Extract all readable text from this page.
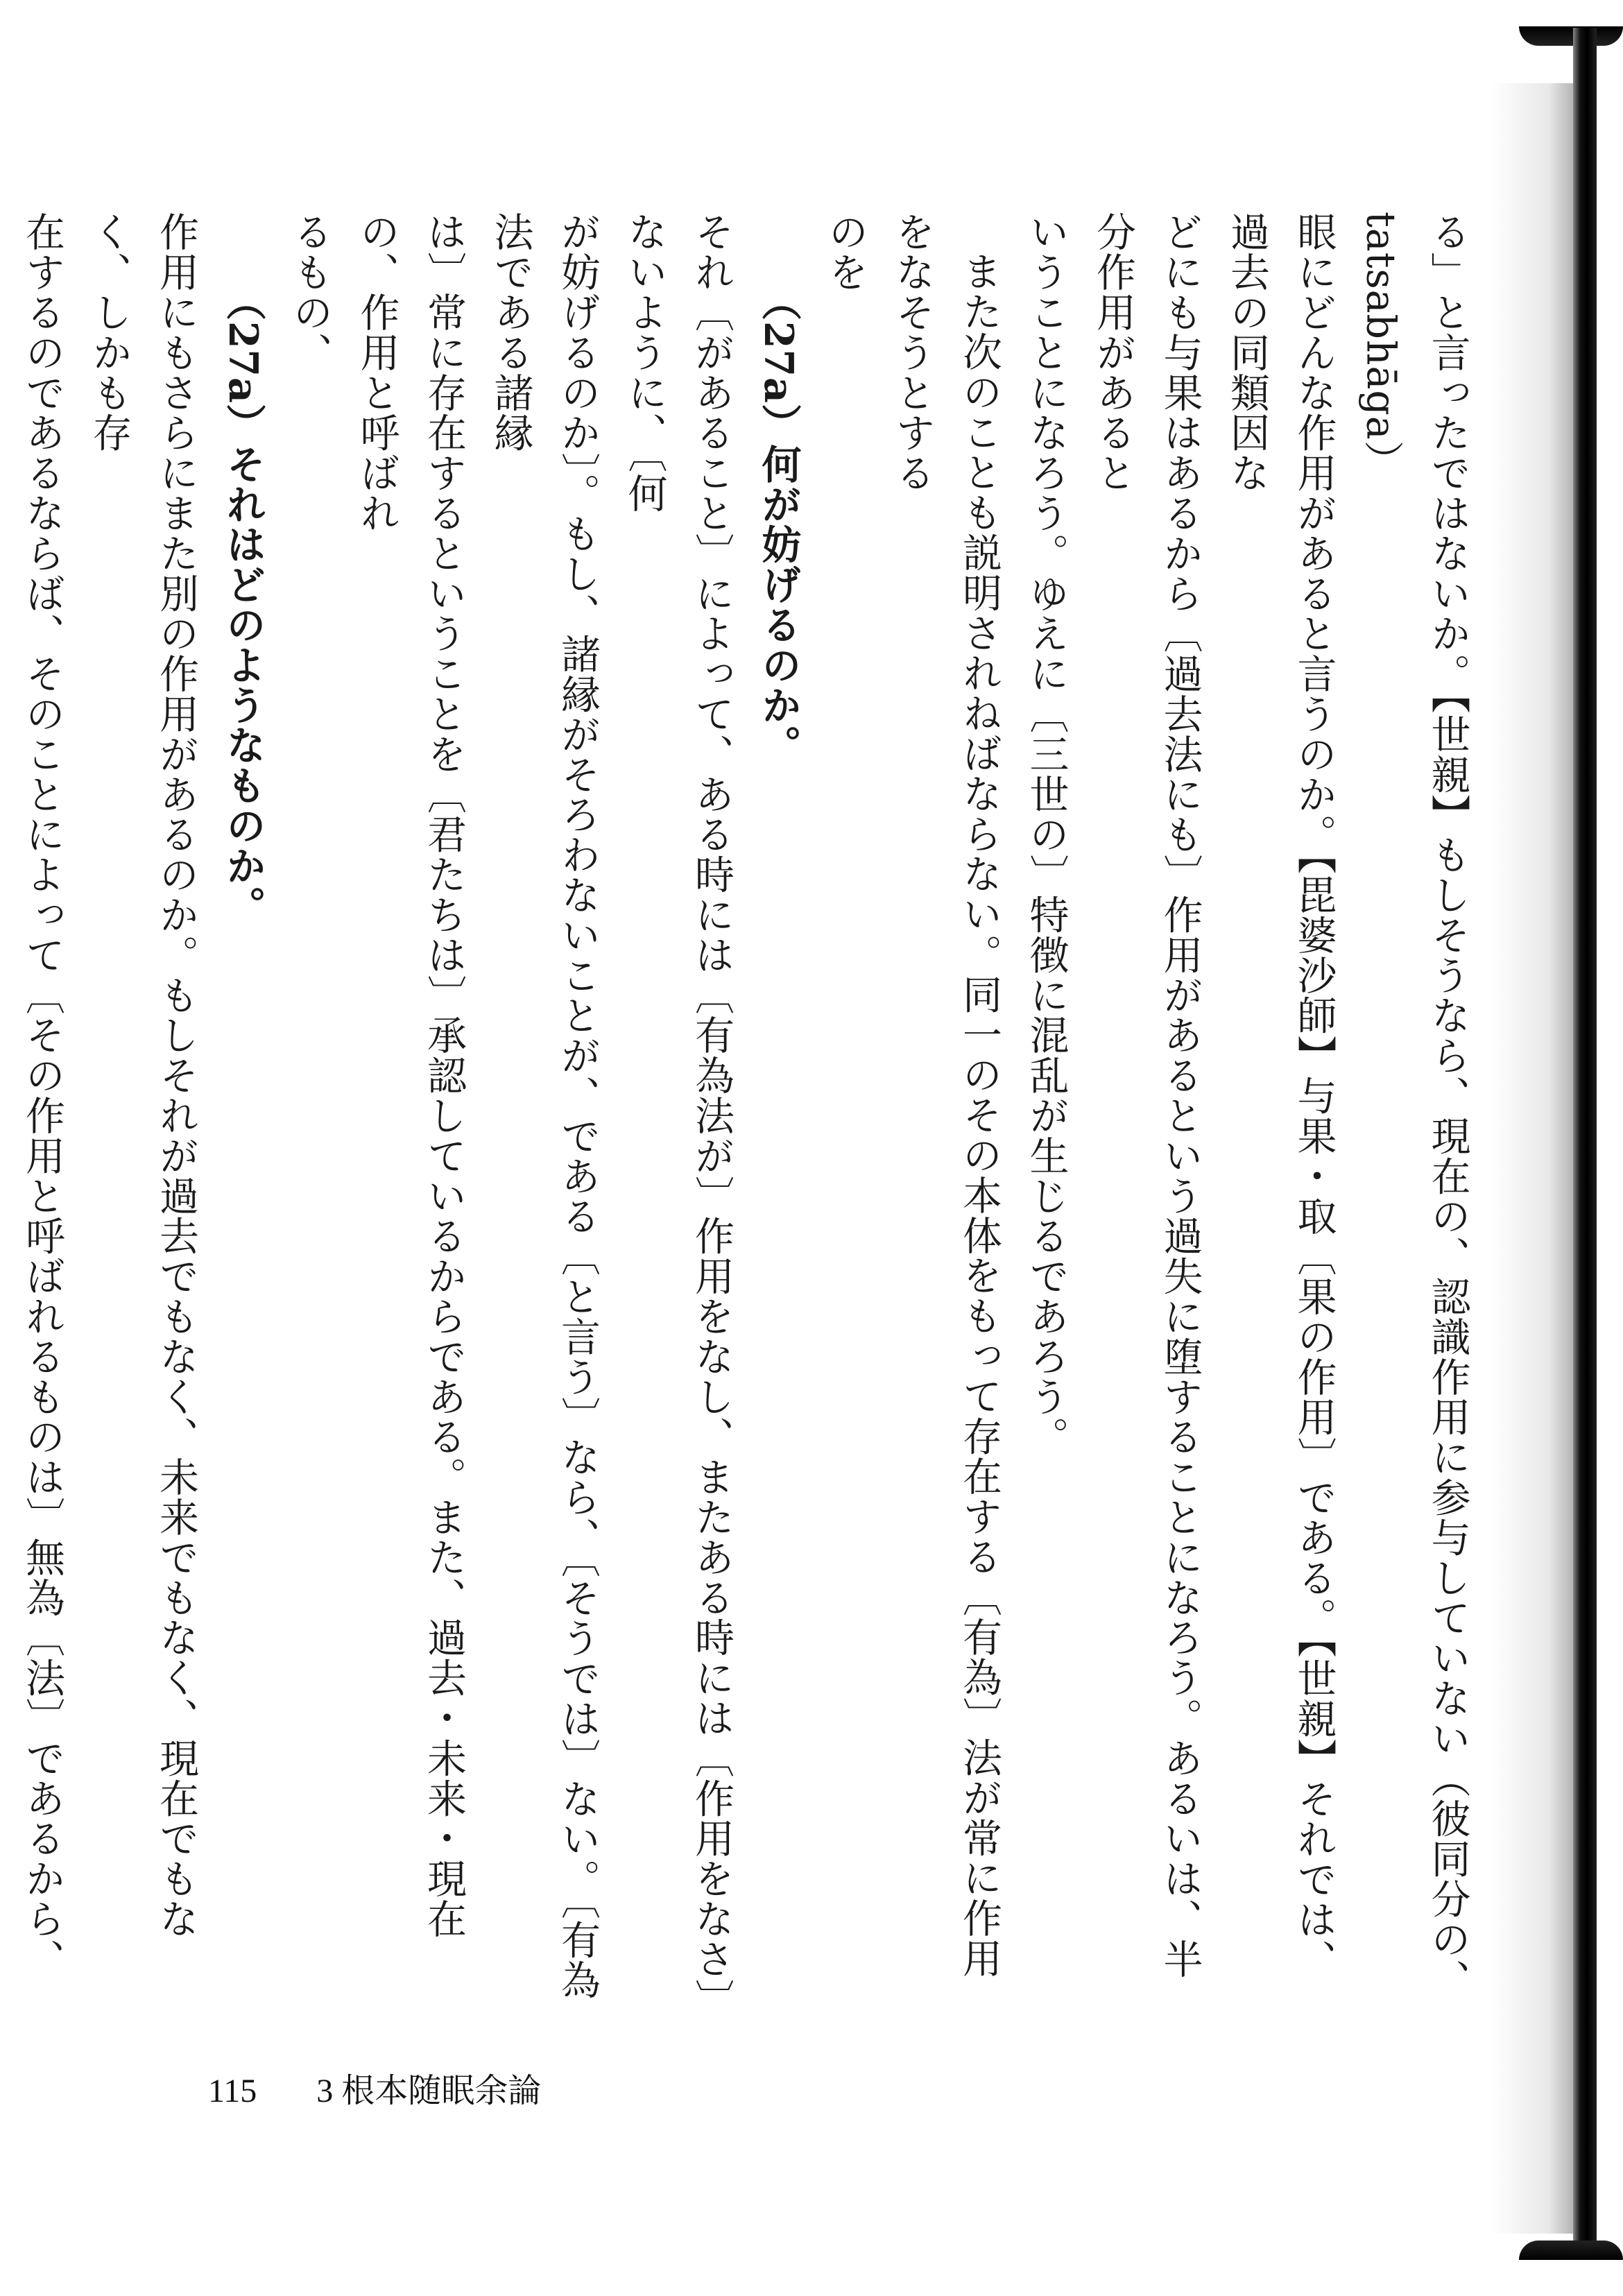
る」と言ったではないか。【世親】もしそうなら、現在の、認識作用に参与していない（彼同分の、tatsabhāga）

眼にどんな作用があると言うのか。【毘婆沙師】与果・取〔果の作用〕である。【世親】それでは、過去の同類因な

どにも与果はあるから〔過去法にも〕作用があるという過失に堕することになろう。あるいは、半分作用があると

いうことになろう。ゆえに〔三世の〕特徴に混乱が生じるであろう。

また次のことも説明されねばならない。同一のその本体をもって存在する〔有為〕法が常に作用をなそうとする

のを

（27a）何が妨げるのか。

それ〔があること〕によって、ある時には〔有為法が〕作用をなし、またある時には〔作用をなさ〕ないように、〔何

が妨げるのか〕。もし、諸縁がそろわないことが、である〔と言う〕なら、〔そうでは〕ない。〔有為法である諸縁

は〕常に存在するということを〔君たちは〕承認しているからである。また、過去・未来・現在の、作用と呼ばれ

るもの、

（27a）それはどのようなものか。

作用にもさらにまた別の作用があるのか。もしそれが過去でもなく、未来でもなく、現在でもなく、しかも存

在するのであるならば、そのことによって〔その作用と呼ばれるものは〕無為〔法〕であるから、

115 3 根本随眠余論
